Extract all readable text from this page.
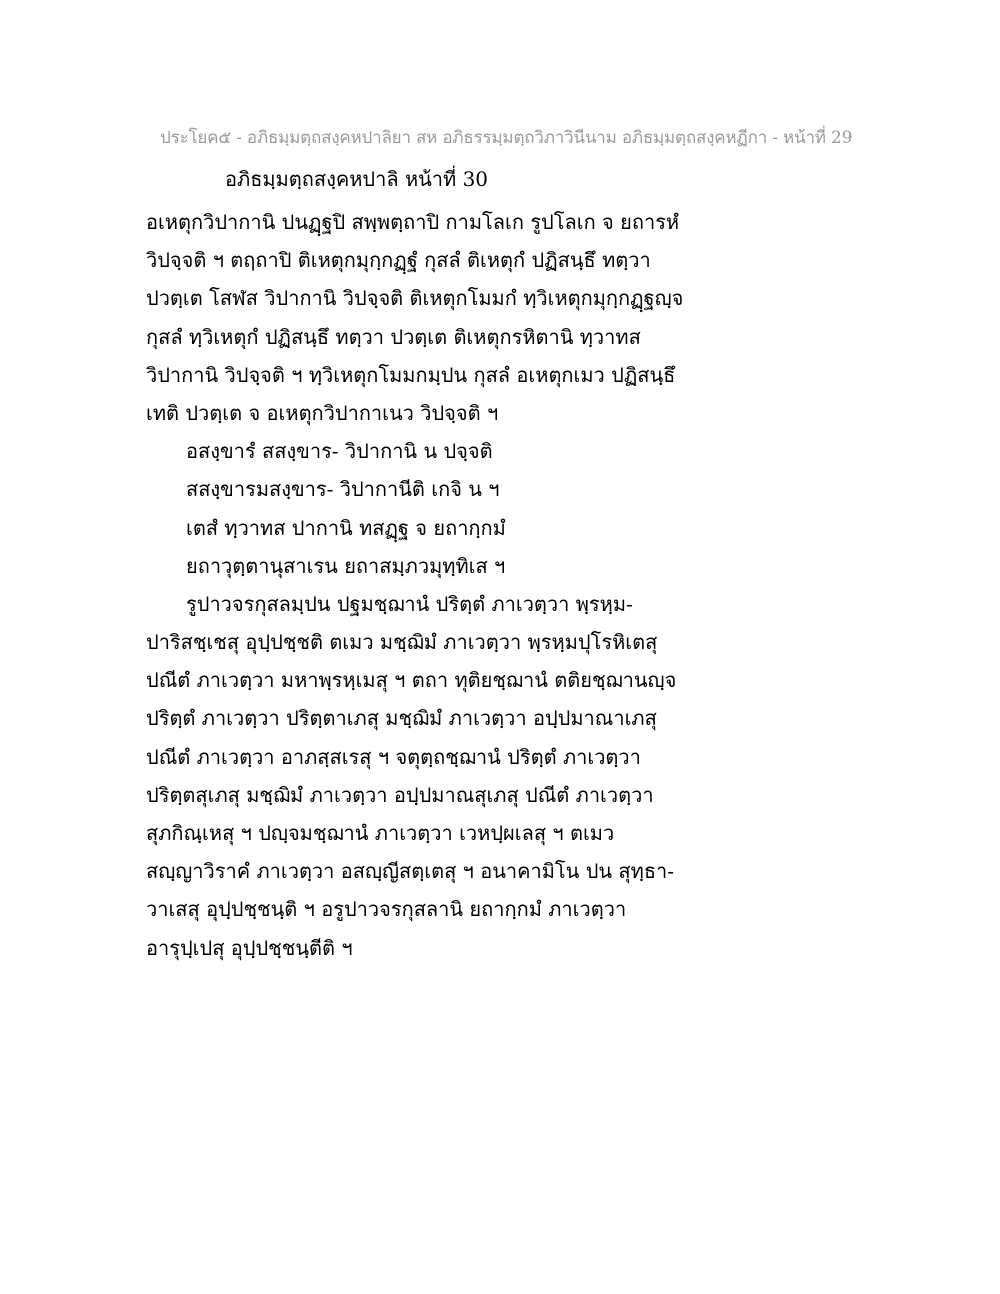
ประโยค๕ - อภิธมฺมตฺถสงฺคหปาลิยา สห อภิธรรมฺมตฺถวิภาวินีนาม อภิธมฺมตฺถสงฺคหฏีกา - หน้าที่ 29
อภิธมฺมตฺถสงฺคหปาลิ หน้าที่ 30
อเหตุกวิปากานิ ปนฏฺฐปิ สพฺพตฺถาปิ กามโลเก รูปโลเก จ ยถารหํ
วิปจฺจติ ฯ ตฤถาปิ ติเหตุกมุกฺกฏฺฐํ กุสลํ ติเหตุกํ ปฏิสนฺธึ ทตฺวา
ปวตฺเต โสฬส วิปากานิ วิปจฺจติ ติเหตุกโมมกํ ทฺวิเหตุกมุกฺกฏฺฐญฺจ
กุสลํ ทฺวิเหตุกํ ปฏิสนฺธึ ทตฺวา ปวตฺเต ติเหตุกรหิตานิ ทฺวาทส
วิปากานิ วิปจฺจติ ฯ ทฺวิเหตุกโมมกมฺปน กุสลํ อเหตุกเมว ปฏิสนฺธึ
เทติ ปวตฺเต จ อเหตุกวิปากาเนว วิปจฺจติ ฯ
อสงฺขารํ สสงฺขาร- วิปากานิ น ปจฺจติ
สสงฺขารมสงฺขาร- วิปากานีติ เกจิ น ฯ
เตสํ ทฺวาทส ปากานิ ทสฏฺฐ จ ยถากฺกมํ
ยถาวุตฺตานุสาเรน ยถาสมฺภวมุทฺทิเส ฯ
รูปาวจรกุสลมฺปน ปฐมชฺฌานํ ปริตฺตํ ภาเวตฺวา พฺรหฺม-
ปาริสชฺเชสุ อุปฺปชฺชติ ตเมว มชฺฌิมํ ภาเวตฺวา พฺรหฺมปุโรหิเตสุ
ปณีตํ ภาเวตฺวา มหาพฺรหฺเมสุ ฯ ตถา ทุติยชฺฌานํ ตติยชฺฌานญฺจ
ปริตฺตํ ภาเวตฺวา ปริตฺตาเภสุ มชฺฌิมํ ภาเวตฺวา อปฺปมาณาเภสุ
ปณีตํ ภาเวตฺวา อาภสฺสเรสุ ฯ จตุตฺถชฺฌานํ ปริตฺตํ ภาเวตฺวา
ปริตฺตสุเภสุ มชฺฌิมํ ภาเวตฺวา อปฺปมาณสุเภสุ ปณีตํ ภาเวตฺวา
สุภกิณฺเหสุ ฯ ปญฺจมชฺฌานํ ภาเวตฺวา เวหปฺผเลสุ ฯ ตเมว
สญฺญาวิราคํ ภาเวตฺวา อสญฺญีสตฺเตสุ ฯ อนาคามิโน ปน สุทฺธา-
วาเสสุ อุปฺปชฺชนฺติ ฯ อรูปาวจรกุสลานิ ยถากฺกมํ ภาเวตฺวา
อารุปฺเปสุ อุปฺปชฺชนฺตีติ ฯ
